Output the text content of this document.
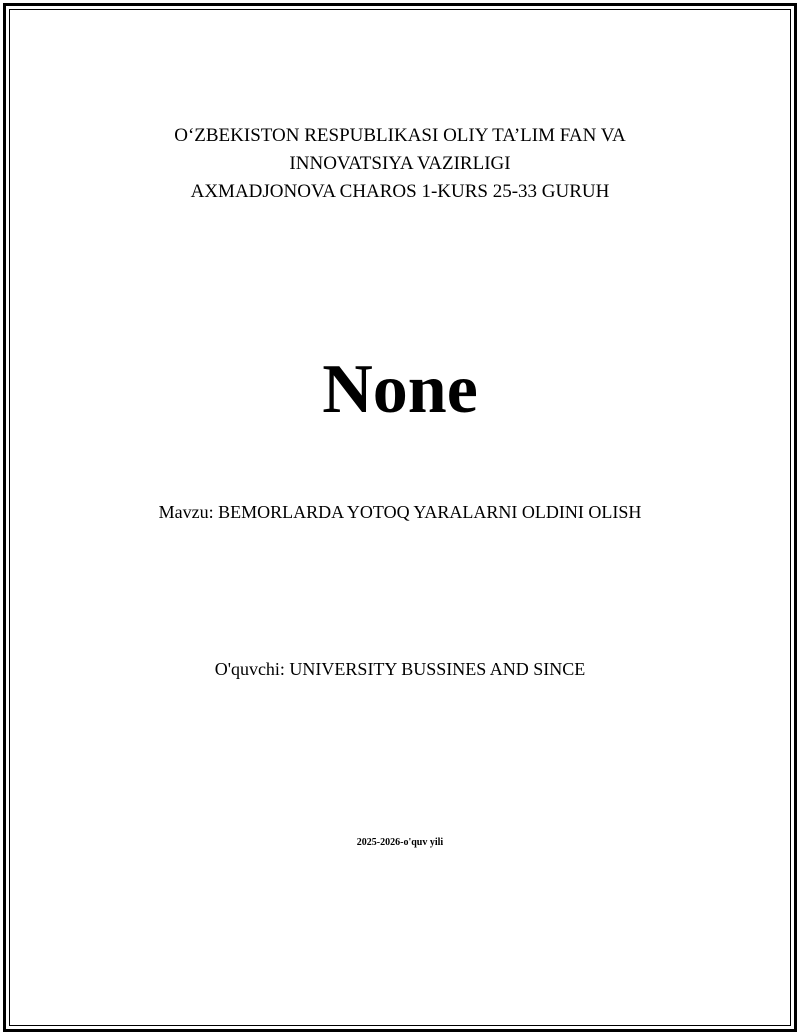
O‘ZBEKISTON RESPUBLIKASI OLIY TA’LIM FAN VA
INNOVATSIYA VAZIRLIGI
AXMADJONOVA CHAROS 1-KURS 25-33 GURUH
None
Mavzu: BEMORLARDA YOTOQ YARALARNI OLDINI OLISH
O'quvchi: UNIVERSITY BUSSINES AND SINCE
2025-2026-o'quv yili
